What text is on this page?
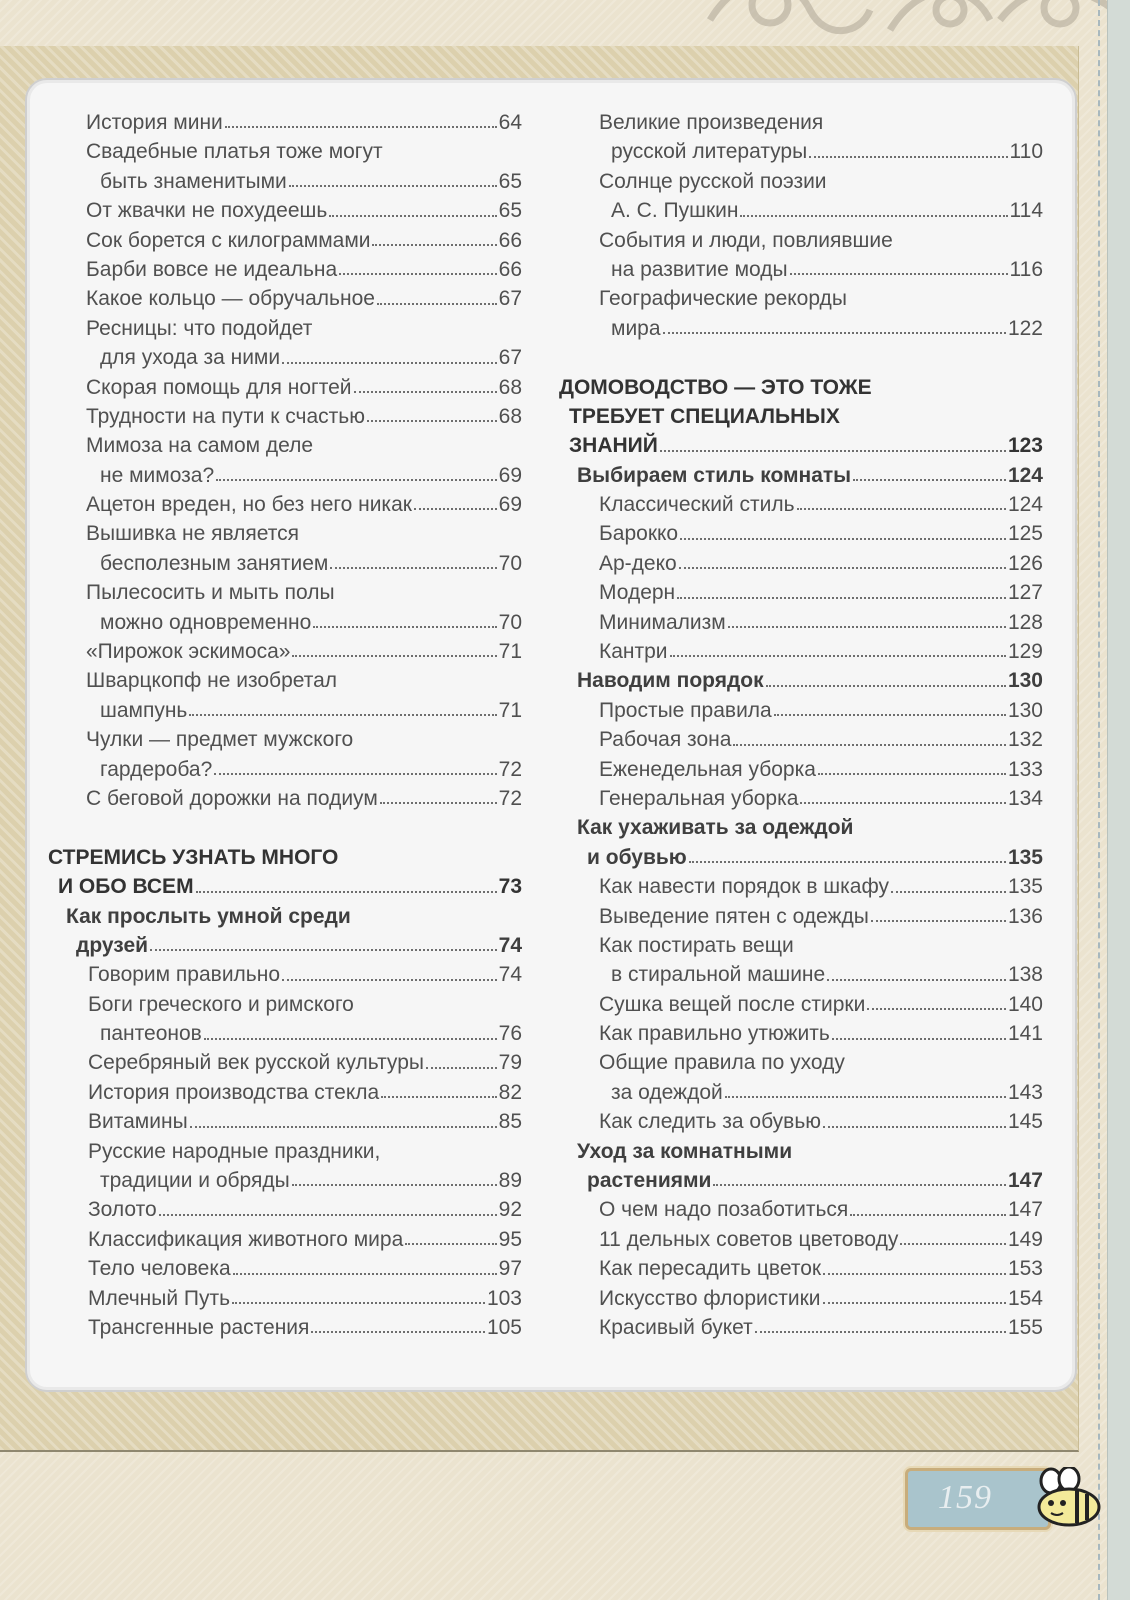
История мини	64
Свадебные платья тоже могут
быть знаменитыми	65
От жвачки не похудеешь	65
Сок борется с килограммами	66
Барби вовсе не идеальна	66
Какое кольцо — обручальное	67
Ресницы: что подойдет
для ухода за ними	67
Скорая помощь для ногтей	68
Трудности на пути к счастью	68
Мимоза на самом деле
не мимоза?	69
Ацетон вреден, но без него никак	69
Вышивка не является
бесполезным занятием	70
Пылесосить и мыть полы
можно одновременно	70
«Пирожок эскимоса»	71
Шварцкопф не изобретал
шампунь	71
Чулки — предмет мужского
гардероба?	72
С беговой дорожки на подиум	72
СТРЕМИСЬ УЗНАТЬ МНОГО
И ОБО ВСЕМ	73
Как прослыть умной среди
друзей	74
Говорим правильно	74
Боги греческого и римского
пантеонов	76
Серебряный век русской культуры	79
История производства стекла	82
Витамины	85
Русские народные праздники,
традиции и обряды	89
Золото	92
Классификация животного мира	95
Тело человека	97
Млечный Путь	103
Трансгенные растения	105
Великие произведения
русской литературы	110
Солнце русской поэзии
А. С. Пушкин	114
События и люди, повлиявшие
на развитие моды	116
Географические рекорды
мира	122
ДОМОВОДСТВО — ЭТО ТОЖЕ
ТРЕБУЕТ СПЕЦИАЛЬНЫХ
ЗНАНИЙ	123
Выбираем стиль комнаты	124
Классический стиль	124
Барокко	125
Ар-деко	126
Модерн	127
Минимализм	128
Кантри	129
Наводим порядок	130
Простые правила	130
Рабочая зона	132
Еженедельная уборка	133
Генеральная уборка	134
Как ухаживать за одеждой
и обувью	135
Как навести порядок в шкафу	135
Выведение пятен с одежды	136
Как постирать вещи
в стиральной машине	138
Сушка вещей после стирки	140
Как правильно утюжить	141
Общие правила по уходу
за одеждой	143
Как следить за обувью	145
Уход за комнатными
растениями	147
О чем надо позаботиться	147
11 дельных советов цветоводу	149
Как пересадить цветок	153
Искусство флористики	154
Красивый букет	155
159
